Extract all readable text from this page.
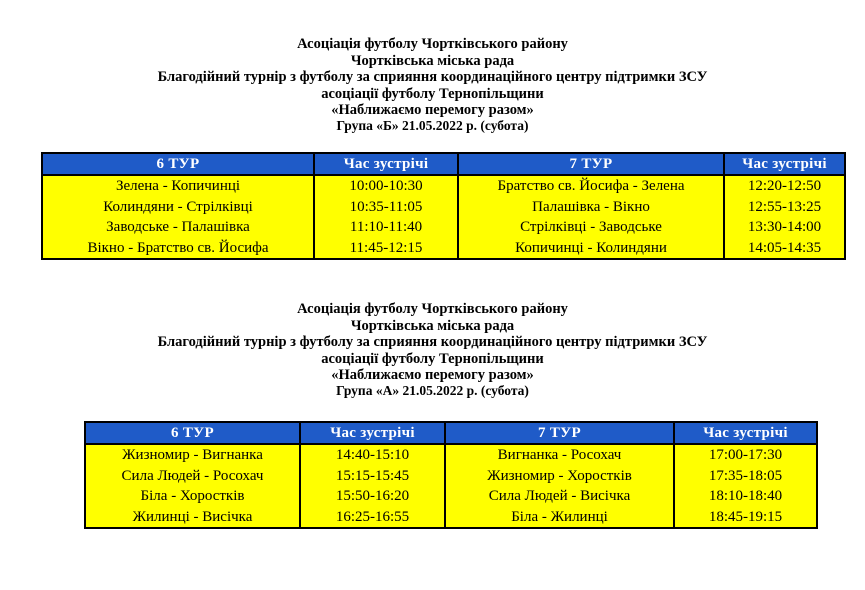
Асоціація футболу Чортківського району
Чортківська міська рада
Благодійний турнір з футболу за сприяння координаційного центру підтримки ЗСУ
асоціації футболу Тернопільщини
«Наближаємо перемогу разом»
Група «Б» 21.05.2022 р. (субота)
6 ТУР	Час зустрічі	7 ТУР	Час зустрічі
Зелена - Копичинці	10:00-10:30	Братство св. Йосифа - Зелена	12:20-12:50
Колиндяни - Стрілківці	10:35-11:05	Палашівка - Вікно	12:55-13:25
Заводське - Палашівка	11:10-11:40	Стрілківці - Заводське	13:30-14:00
Вікно - Братство св. Йосифа	11:45-12:15	Копичинці - Колиндяни	14:05-14:35
Асоціація футболу Чортківського району
Чортківська міська рада
Благодійний турнір з футболу за сприяння координаційного центру підтримки ЗСУ
асоціації футболу Тернопільщини
«Наближаємо перемогу разом»
Група «А» 21.05.2022 р. (субота)
6 ТУР	Час зустрічі	7 ТУР	Час зустрічі
Жизномир - Вигнанка	14:40-15:10	Вигнанка - Росохач	17:00-17:30
Сила Людей - Росохач	15:15-15:45	Жизномир - Хоростків	17:35-18:05
Біла - Хоростків	15:50-16:20	Сила Людей - Висічка	18:10-18:40
Жилинці - Висічка	16:25-16:55	Біла - Жилинці	18:45-19:15
